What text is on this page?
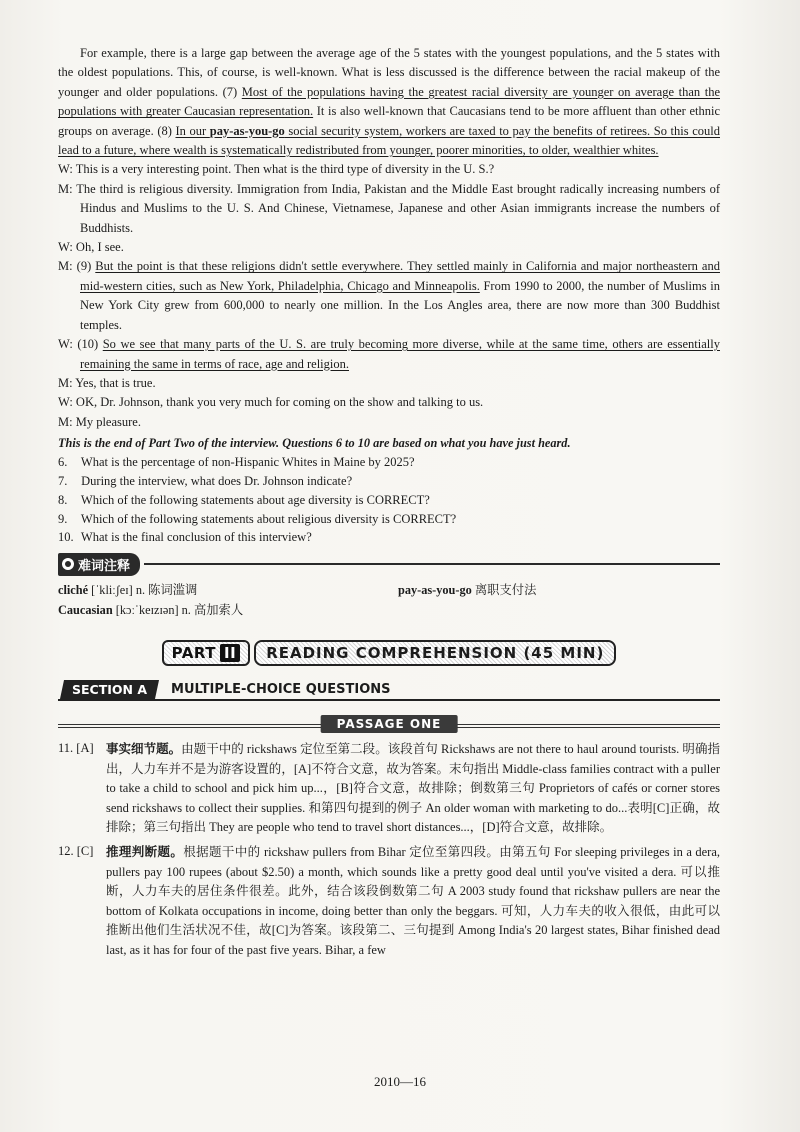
For example, there is a large gap between the average age of the 5 states with the youngest populations, and the 5 states with the oldest populations. This, of course, is well-known. What is less discussed is the difference between the racial makeup of the younger and older populations. (7) Most of the populations having the greatest racial diversity are younger on average than the populations with greater Caucasian representation. It is also well-known that Caucasians tend to be more affluent than other ethnic groups on average. (8) In our pay-as-you-go social security system, workers are taxed to pay the benefits of retirees. So this could lead to a future, where wealth is systematically redistributed from younger, poorer minorities, to older, wealthier whites.

W: This is a very interesting point. Then what is the third type of diversity in the U. S.?

M: The third is religious diversity. Immigration from India, Pakistan and the Middle East brought radically increasing numbers of Hindus and Muslims to the U. S. And Chinese, Vietnamese, Japanese and other Asian immigrants increase the numbers of Buddhists.

W: Oh, I see.

M: (9) But the point is that these religions didn't settle everywhere. They settled mainly in California and major northeastern and mid-western cities, such as New York, Philadelphia, Chicago and Minneapolis. From 1990 to 2000, the number of Muslims in New York City grew from 600,000 to nearly one million. In the Los Angles area, there are now more than 300 Buddhist temples.

W: (10) So we see that many parts of the U. S. are truly becoming more diverse, while at the same time, others are essentially remaining the same in terms of race, age and religion.

M: Yes, that is true.

W: OK, Dr. Johnson, thank you very much for coming on the show and talking to us.

M: My pleasure.

This is the end of Part Two of the interview. Questions 6 to 10 are based on what you have just heard.

6. What is the percentage of non-Hispanic Whites in Maine by 2025?
7. During the interview, what does Dr. Johnson indicate?
8. Which of the following statements about age diversity is CORRECT?
9. Which of the following statements about religious diversity is CORRECT?
10. What is the final conclusion of this interview?
难词注释
cliché [ˈkliːʃeɪ] n. 陈词滥调	pay-as-you-go 离职支付法
Caucasian [kɔːˈkeɪzɪən] n. 高加索人
PART II	READING COMPREHENSION (45 MIN)
SECTION A	MULTIPLE-CHOICE QUESTIONS
PASSAGE ONE
11. [A] 事实细节题。由题干中的 rickshaws 定位至第二段。该段首句 Rickshaws are not there to haul around tourists. 明确指出，人力车并不是为游客设置的，[A]不符合文意，故为答案。末句指出 Middle-class families contract with a puller to take a child to school and pick him up...，[B]符合文意，故排除；倒数第三句 Proprietors of cafés or corner stores send rickshaws to collect their supplies. 和第四句提到的例子 An older woman with marketing to do...表明[C]正确，故排除；第三句指出 They are people who tend to travel short distances...，[D]符合文意，故排除。
12. [C]	推理判断题。根据题干中的 rickshaw pullers from Bihar 定位至第四段。由第五句 For sleeping privileges in a dera, pullers pay 100 rupees (about $2.50) a month, which sounds like a pretty good deal until you've visited a dera. 可以推断，人力车夫的居住条件很差。此外，结合该段倒数第二句 A 2003 study found that rickshaw pullers are near the bottom of Kolkata occupations in income, doing better than only the beggars. 可知，人力车夫的收入很低，由此可以推断出他们生活状况不佳，故[C]为答案。该段第二、三句提到 Among India's 20 largest states, Bihar finished dead last, as it has for four of the past five years. Bihar, a few
2010—16
